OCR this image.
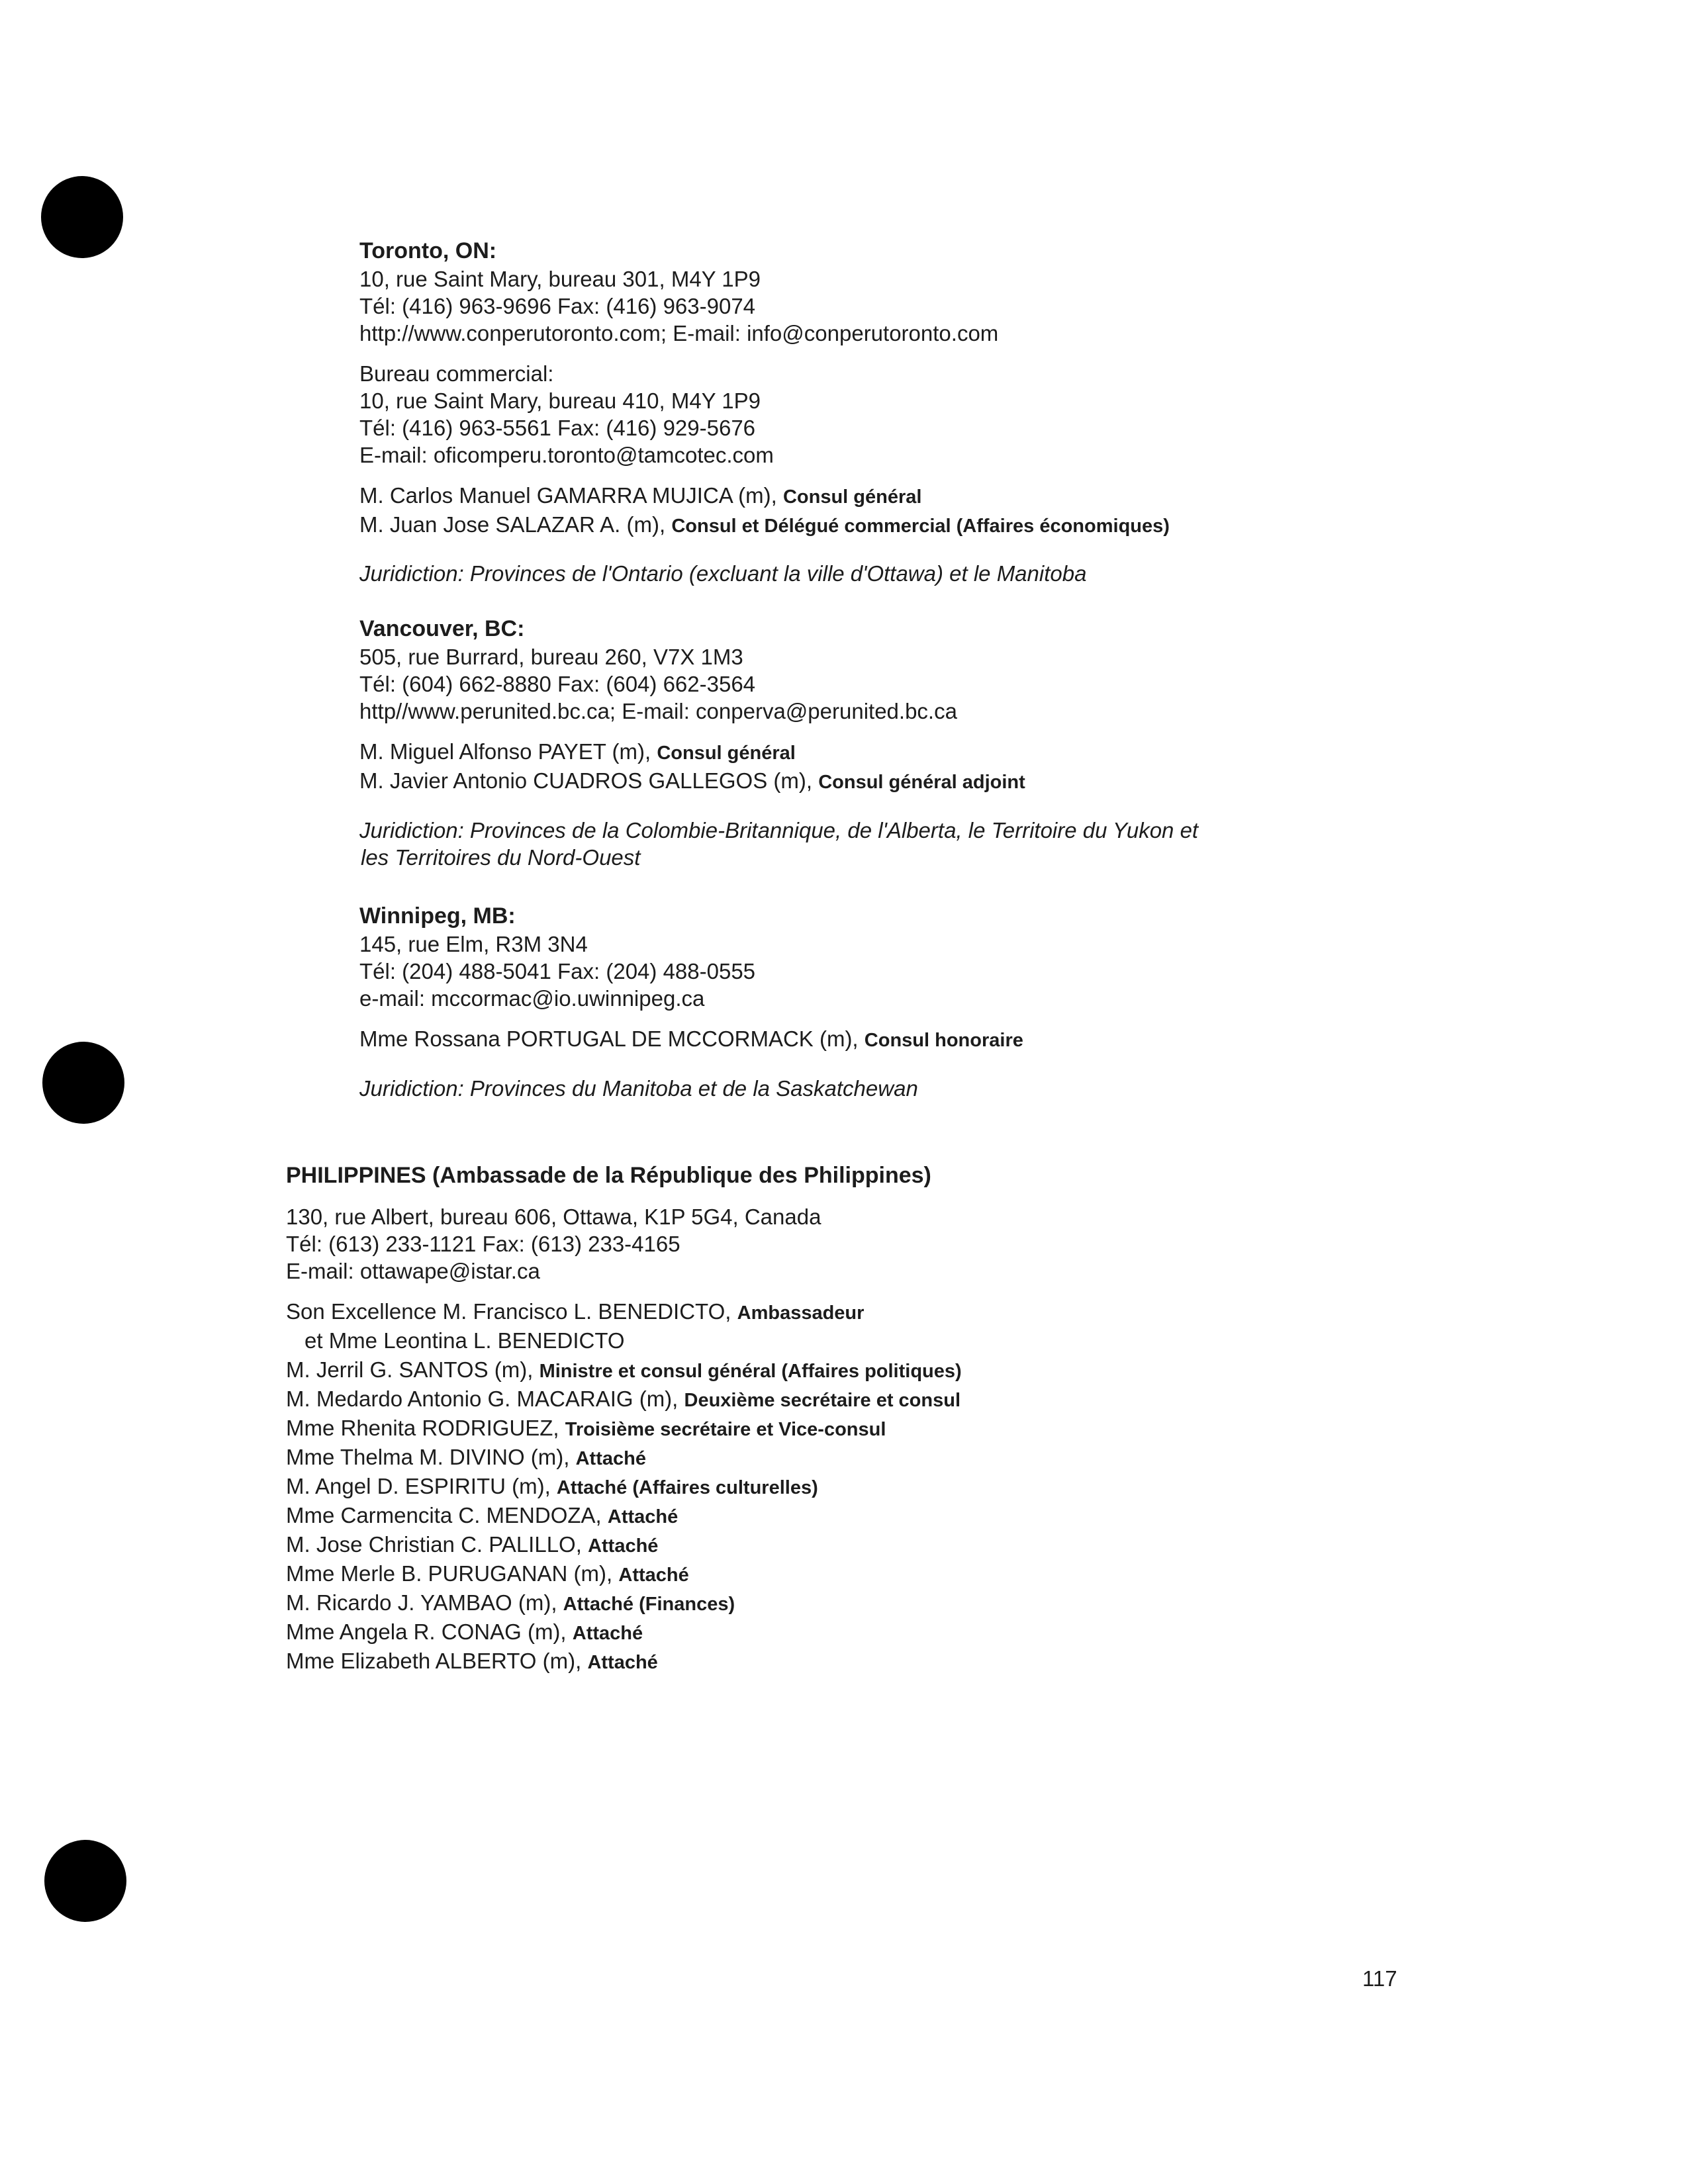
Toronto, ON:
10, rue Saint Mary, bureau 301, M4Y 1P9
Tél: (416) 963-9696 Fax: (416) 963-9074
http://www.conperutoronto.com; E-mail: info@conperutoronto.com
Bureau commercial:
10, rue Saint Mary, bureau 410, M4Y 1P9
Tél: (416) 963-5561 Fax: (416) 929-5676
E-mail: oficomperu.toronto@tamcotec.com
M. Carlos Manuel GAMARRA MUJICA (m), Consul général
M. Juan Jose SALAZAR A. (m), Consul et Délégué commercial (Affaires économiques)
Juridiction: Provinces de l'Ontario (excluant la ville d'Ottawa) et le Manitoba
Vancouver, BC:
505, rue Burrard, bureau 260, V7X 1M3
Tél: (604) 662-8880 Fax: (604) 662-3564
http//www.perunited.bc.ca; E-mail: conperva@perunited.bc.ca
M. Miguel Alfonso PAYET (m), Consul général
M. Javier Antonio CUADROS GALLEGOS (m), Consul général adjoint
Juridiction: Provinces de la Colombie-Britannique, de l'Alberta, le Territoire du Yukon et
les Territoires du Nord-Ouest
Winnipeg, MB:
145, rue Elm, R3M 3N4
Tél: (204) 488-5041 Fax: (204) 488-0555
e-mail: mccormac@io.uwinnipeg.ca
Mme Rossana PORTUGAL DE MCCORMACK (m), Consul honoraire
Juridiction: Provinces du Manitoba et de la Saskatchewan
PHILIPPINES (Ambassade de la République des Philippines)
130, rue Albert, bureau 606, Ottawa, K1P 5G4, Canada
Tél: (613) 233-1121 Fax: (613) 233-4165
E-mail: ottawape@istar.ca
Son Excellence M. Francisco L. BENEDICTO, Ambassadeur
et Mme Leontina L. BENEDICTO
M. Jerril G. SANTOS (m), Ministre et consul général (Affaires politiques)
M. Medardo Antonio G. MACARAIG (m), Deuxième secrétaire et consul
Mme Rhenita RODRIGUEZ, Troisième secrétaire et Vice-consul
Mme Thelma M. DIVINO (m), Attaché
M. Angel D. ESPIRITU (m), Attaché (Affaires culturelles)
Mme Carmencita C. MENDOZA, Attaché
M. Jose Christian C. PALILLO, Attaché
Mme Merle B. PURUGANAN (m), Attaché
M. Ricardo J. YAMBAO (m), Attaché (Finances)
Mme Angela R. CONAG (m), Attaché
Mme Elizabeth ALBERTO (m), Attaché
117
